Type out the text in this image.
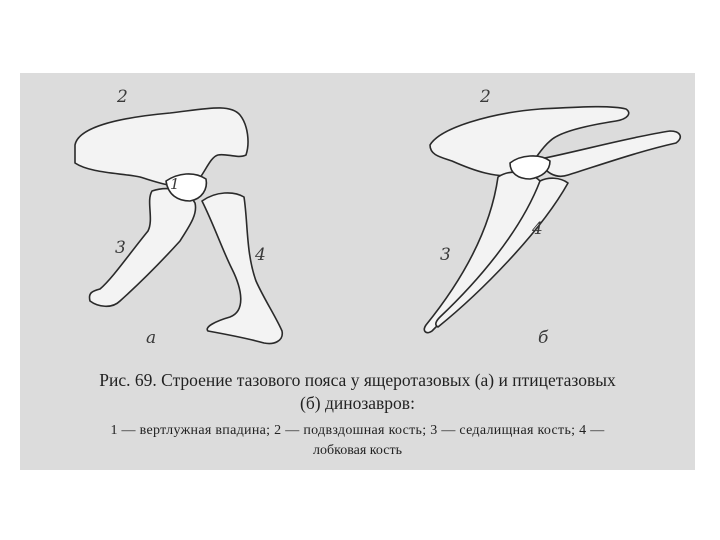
2
1
3	4
а
2
3
4
б
Рис. 69. Строение тазового пояса у ящеротазовых (а) и птицетазовых
(б) динозавров:
1 — вертлужная впадина; 2 — подвздошная кость; 3 — седалищная кость; 4 —
лобковая кость
